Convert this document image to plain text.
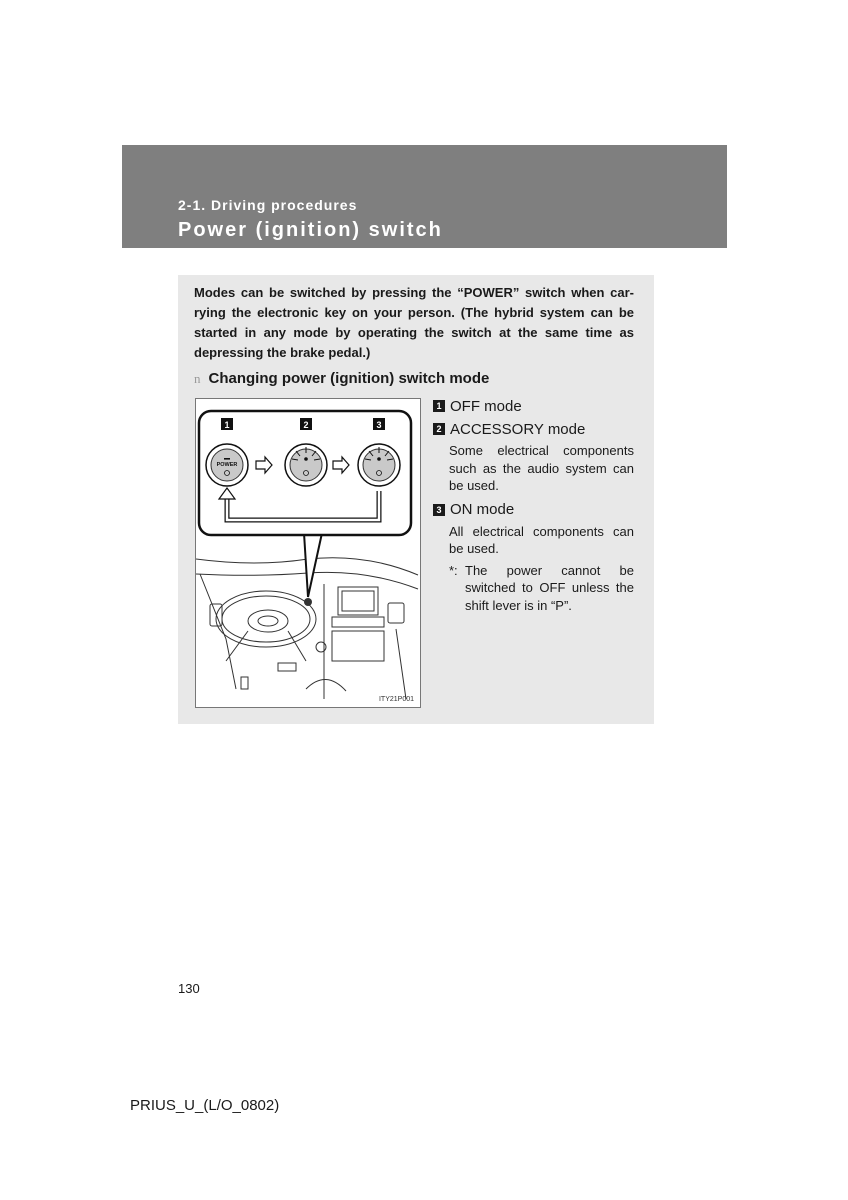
2-1. Driving procedures
Power (ignition) switch
Modes can be switched by pressing the “POWER” switch when car-rying the electronic key on your person. (The hybrid system can be started in any mode by operating the switch at the same time as depressing the brake pedal.)
n Changing power (ignition) switch mode
1	2	3
POWER
ITY21P001
1 OFF mode
2 ACCESSORY mode
Some electrical components such as the audio system can be used.
3 ON mode
All electrical components can be used.
*: The power cannot be switched to OFF unless the shift lever is in “P”.
130
PRIUS_U_(L/O_0802)
